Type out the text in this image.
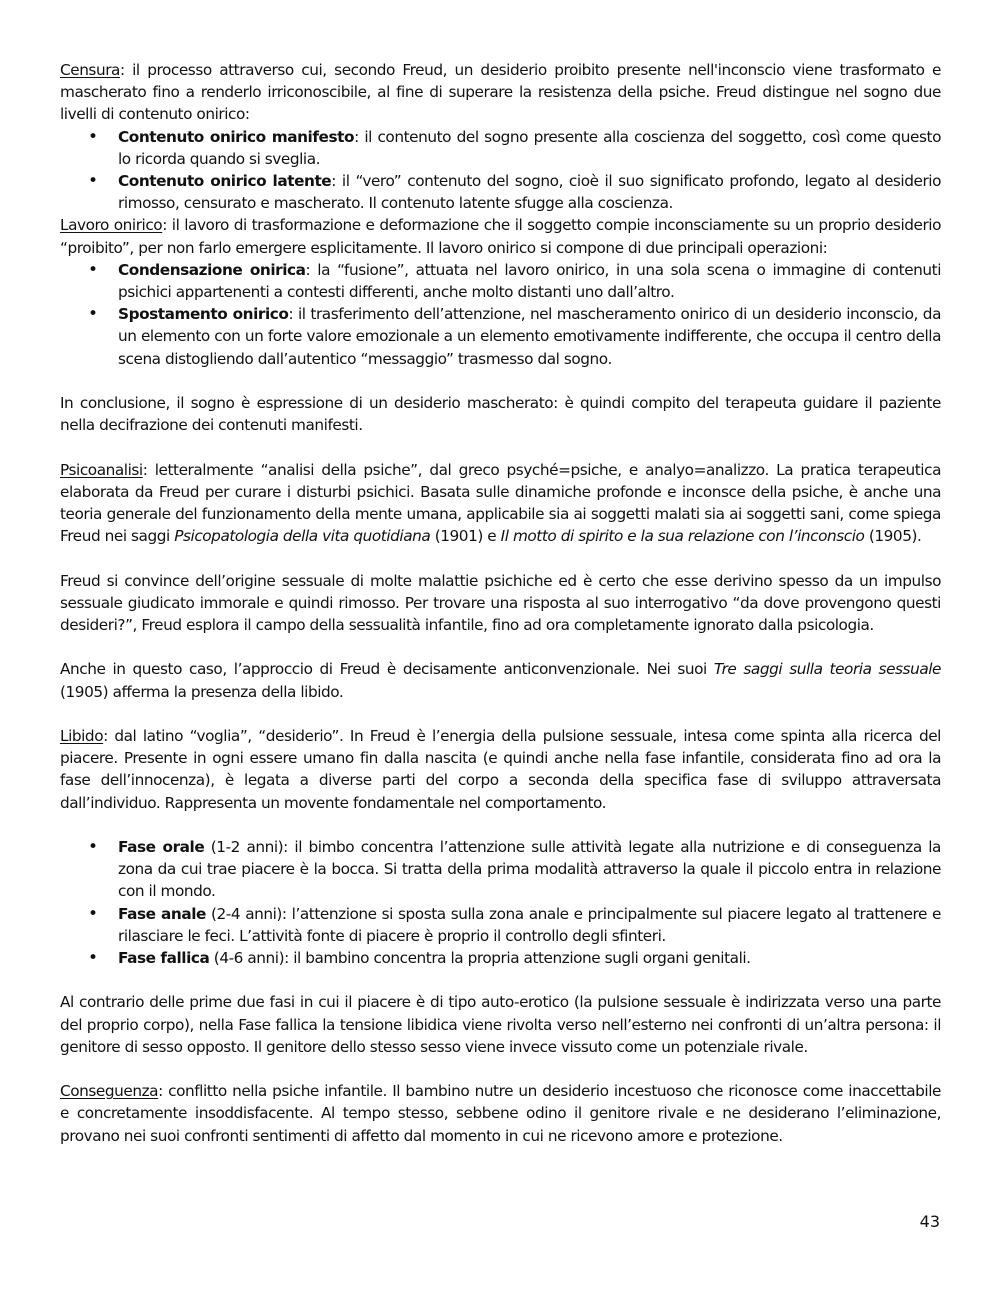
Censura: il processo attraverso cui, secondo Freud, un desiderio proibito presente nell'inconscio viene trasformato e mascherato fino a renderlo irriconoscibile, al fine di superare la resistenza della psiche. Freud distingue nel sogno due livelli di contenuto onirico:

• Contenuto onirico manifesto: il contenuto del sogno presente alla coscienza del soggetto, così come questo lo ricorda quando si sveglia.
• Contenuto onirico latente: il “vero” contenuto del sogno, cioè il suo significato profondo, legato al desiderio rimosso, censurato e mascherato. Il contenuto latente sfugge alla coscienza.

Lavoro onirico: il lavoro di trasformazione e deformazione che il soggetto compie inconsciamente su un proprio desiderio “proibito”, per non farlo emergere esplicitamente. Il lavoro onirico si compone di due principali operazioni:

• Condensazione onirica: la “fusione”, attuata nel lavoro onirico, in una sola scena o immagine di contenuti psichici appartenenti a contesti differenti, anche molto distanti uno dall’altro.
• Spostamento onirico: il trasferimento dell’attenzione, nel mascheramento onirico di un desiderio inconscio, da un elemento con un forte valore emozionale a un elemento emotivamente indifferente, che occupa il centro della scena distogliendo dall’autentico “messaggio” trasmesso dal sogno.

In conclusione, il sogno è espressione di un desiderio mascherato: è quindi compito del terapeuta guidare il paziente nella decifrazione dei contenuti manifesti.

Psicoanalisi: letteralmente “analisi della psiche”, dal greco psyché=psiche, e analyo=analizzo. La pratica terapeutica elaborata da Freud per curare i disturbi psichici. Basata sulle dinamiche profonde e inconsce della psiche, è anche una teoria generale del funzionamento della mente umana, applicabile sia ai soggetti malati sia ai soggetti sani, come spiega Freud nei saggi Psicopatologia della vita quotidiana (1901) e Il motto di spirito e la sua relazione con l’inconscio (1905).

Freud si convince dell’origine sessuale di molte malattie psichiche ed è certo che esse derivino spesso da un impulso sessuale giudicato immorale e quindi rimosso. Per trovare una risposta al suo interrogativo “da dove provengono questi desideri?”, Freud esplora il campo della sessualità infantile, fino ad ora completamente ignorato dalla psicologia.

Anche in questo caso, l’approccio di Freud è decisamente anticonvenzionale. Nei suoi Tre saggi sulla teoria sessuale (1905) afferma la presenza della libido.

Libido: dal latino “voglia”, “desiderio”. In Freud è l’energia della pulsione sessuale, intesa come spinta alla ricerca del piacere. Presente in ogni essere umano fin dalla nascita (e quindi anche nella fase infantile, considerata fino ad ora la fase dell’innocenza), è legata a diverse parti del corpo a seconda della specifica fase di sviluppo attraversata dall’individuo. Rappresenta un movente fondamentale nel comportamento.

• Fase orale (1-2 anni): il bimbo concentra l’attenzione sulle attività legate alla nutrizione e di conseguenza la zona da cui trae piacere è la bocca. Si tratta della prima modalità attraverso la quale il piccolo entra in relazione con il mondo.
• Fase anale (2-4 anni): l’attenzione si sposta sulla zona anale e principalmente sul piacere legato al trattenere e rilasciare le feci. L’attività fonte di piacere è proprio il controllo degli sfinteri.
• Fase fallica (4-6 anni): il bambino concentra la propria attenzione sugli organi genitali.

Al contrario delle prime due fasi in cui il piacere è di tipo auto-erotico (la pulsione sessuale è indirizzata verso una parte del proprio corpo), nella Fase fallica la tensione libidica viene rivolta verso nell’esterno nei confronti di un’altra persona: il genitore di sesso opposto. Il genitore dello stesso sesso viene invece vissuto come un potenziale rivale.

Conseguenza: conflitto nella psiche infantile. Il bambino nutre un desiderio incestuoso che riconosce come inaccettabile e concretamente insoddisfacente. Al tempo stesso, sebbene odino il genitore rivale e ne desiderano l’eliminazione, provano nei suoi confronti sentimenti di affetto dal momento in cui ne ricevono amore e protezione.

43
